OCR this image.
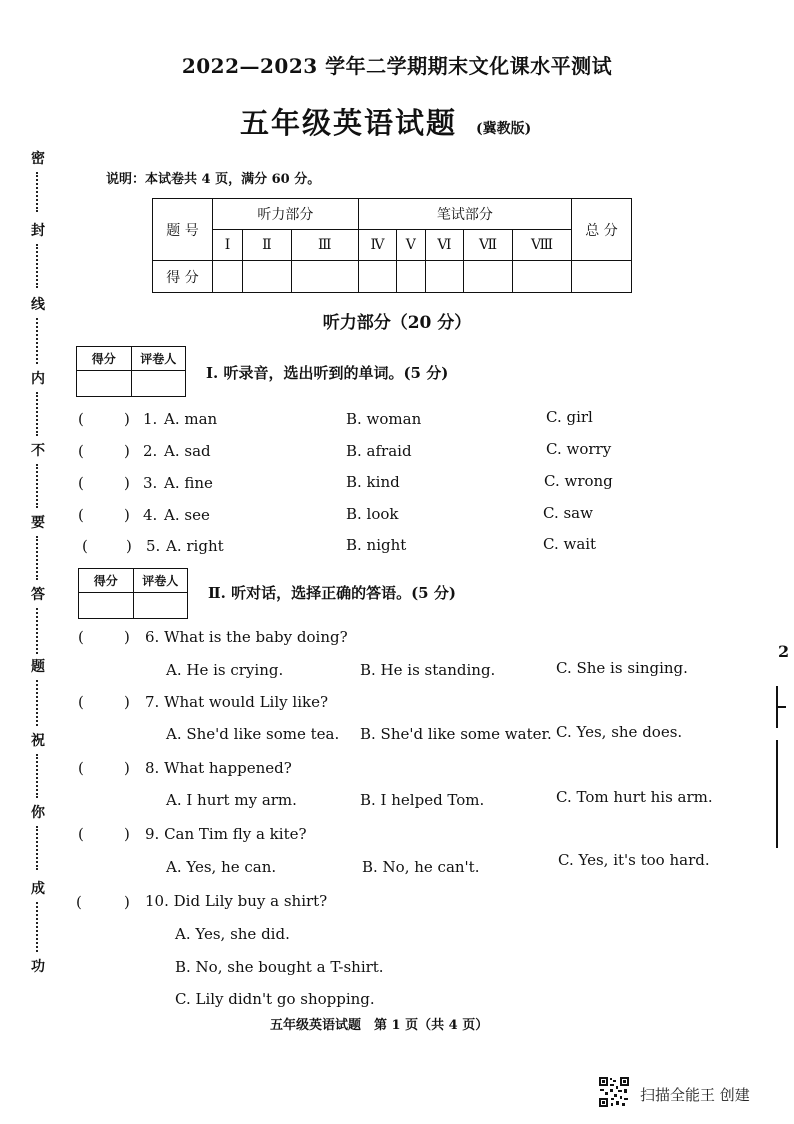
密
封
线
内
不
要
答
题
祝
你
成
功
2022—2023 学年二学期期末文化课水平测试
五年级英语试题 (冀教版)
说明：本试卷共 4 页，满分 60 分。
题 号	听力部分			笔试部分					总 分
	Ⅰ	Ⅱ	Ⅲ	Ⅳ	Ⅴ	Ⅵ	Ⅶ	Ⅷ	
得 分									
听力部分（20 分）
得分	评卷人

Ⅰ. 听录音，选出听到的单词。(5 分)
(	) 1. A. man	B. woman	C. girl
(	) 2. A. sad	B. afraid	C. worry
(	) 3. A. fine	B. kind	C. wrong
(	) 4. A. see	B. look	C. saw
(	) 5. A. right	B. night	C. wait
得分	评卷人

Ⅱ. 听对话，选择正确的答语。(5 分)
(	) 6. What is the baby doing?
A. He is crying.	B. He is standing.	C. She is singing.
(	) 7. What would Lily like?
A. She'd like some tea. B. She'd like some water. C. Yes, she does.
(	) 8. What happened?
A. I hurt my arm.	B. I helped Tom.	C. Tom hurt his arm.
(	) 9. Can Tim fly a kite?
A. Yes, he can.	B. No, he can't.	C. Yes, it's too hard.
(	) 10. Did Lily buy a shirt?
A. Yes, she did.
B. No, she bought a T-shirt.
C. Lily didn't go shopping.
五年级英语试题　第 1 页（共 4 页）
2
扫描全能王 创建
